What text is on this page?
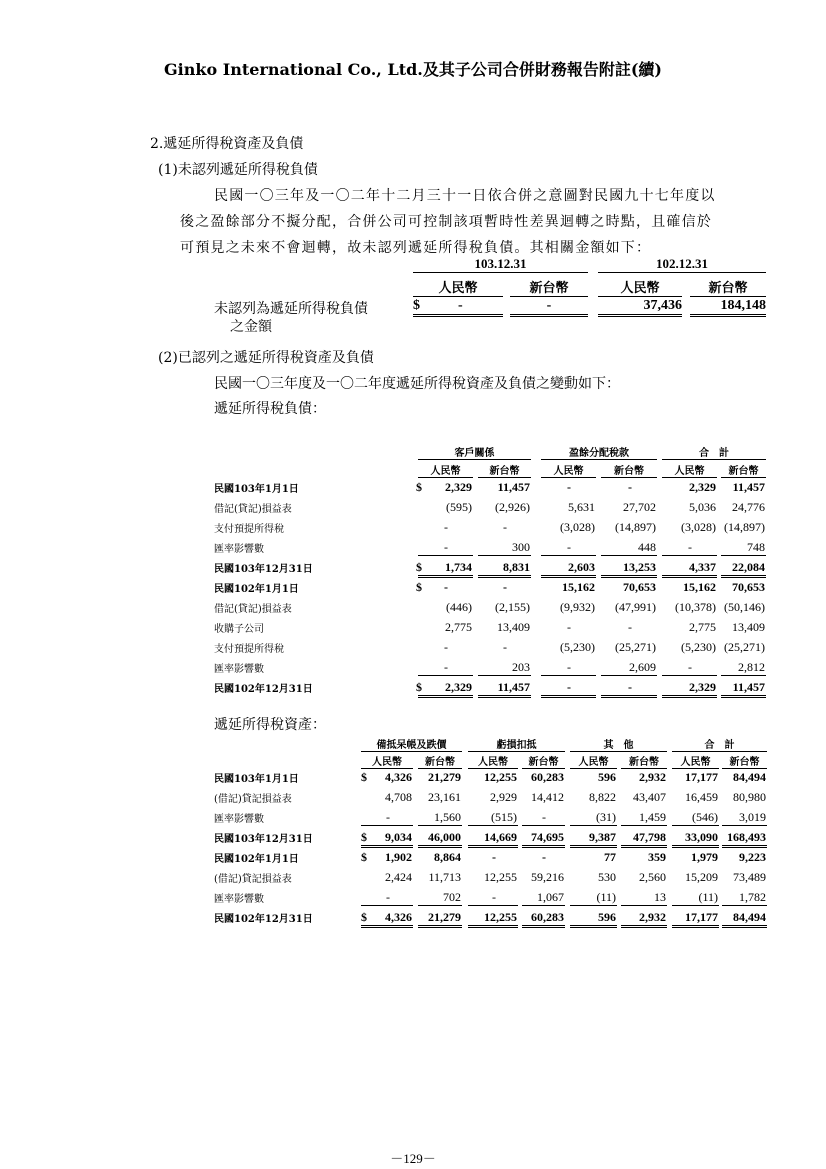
Ginko International Co., Ltd.及其子公司合併財務報告附註(續)
2.遞延所得稅資產及負債
(1)未認列遞延所得稅負債
民國一〇三年及一〇二年十二月三十一日依合併之意圖對民國九十七年度以
後之盈餘部分不擬分配，合併公司可控制該項暫時性差異迴轉之時點，且確信於
可預見之未來不會迴轉，故未認列遞延所得稅負債。其相關金額如下：
103.12.31	102.12.31
人民幣	新台幣	人民幣	新台幣
未認列為遞延所得稅負債
之金額
$	-	-	37,436	184,148
(2)已認列之遞延所得稅資產及負債
民國一〇三年度及一〇二年度遞延所得稅資產及負債之變動如下：
遞延所得稅負債：
客戶關係	盈餘分配稅款	合　計
人民幣	新台幣	人民幣	新台幣	人民幣	新台幣
民國103年1月1日	$	2,329	11,457	-	-	2,329	11,457
借記(貸記)損益表	(595)	(2,926)	5,631	27,702	5,036	24,776
支付預提所得稅	-	-	(3,028)	(14,897)	(3,028) (14,897)
匯率影響數	-	300	-	448	-	748
民國103年12月31日	$	1,734	8,831	2,603	13,253	4,337	22,084
民國102年1月1日	$	-	-	15,162	70,653	15,162	70,653
借記(貸記)損益表	(446)	(2,155)	(9,932)	(47,991)	(10,378) (50,146)
收購子公司	2,775	13,409	-	-	2,775	13,409
支付預提所得稅	-	-	(5,230)	(25,271)	(5,230) (25,271)
匯率影響數	-	203	-	2,609	-	2,812
民國102年12月31日	$	2,329	11,457	-	-	2,329	11,457
遞延所得稅資產：
備抵呆帳及跌價	虧損扣抵	其　他	合　計
人民幣	新台幣	人民幣	新台幣	人民幣	新台幣	人民幣	新台幣
民國103年1月1日	$	4,326	21,279	12,255	60,283	596	2,932	17,177	84,494
(借記)貸記損益表	4,708	23,161	2,929	14,412	8,822	43,407	16,459	80,980
匯率影響數	-	1,560	(515)	-	(31)	1,459	(546)	3,019
民國103年12月31日	$	9,034	46,000	14,669	74,695	9,387	47,798	33,090 168,493
民國102年1月1日	$	1,902	8,864	-	-	77	359	1,979	9,223
(借記)貸記損益表	2,424	11,713	12,255	59,216	530	2,560	15,209	73,489
匯率影響數	-	702	-	1,067	(11)	13	(11)	1,782
民國102年12月31日	$	4,326	21,279	12,255	60,283	596	2,932	17,177	84,494
－129－
